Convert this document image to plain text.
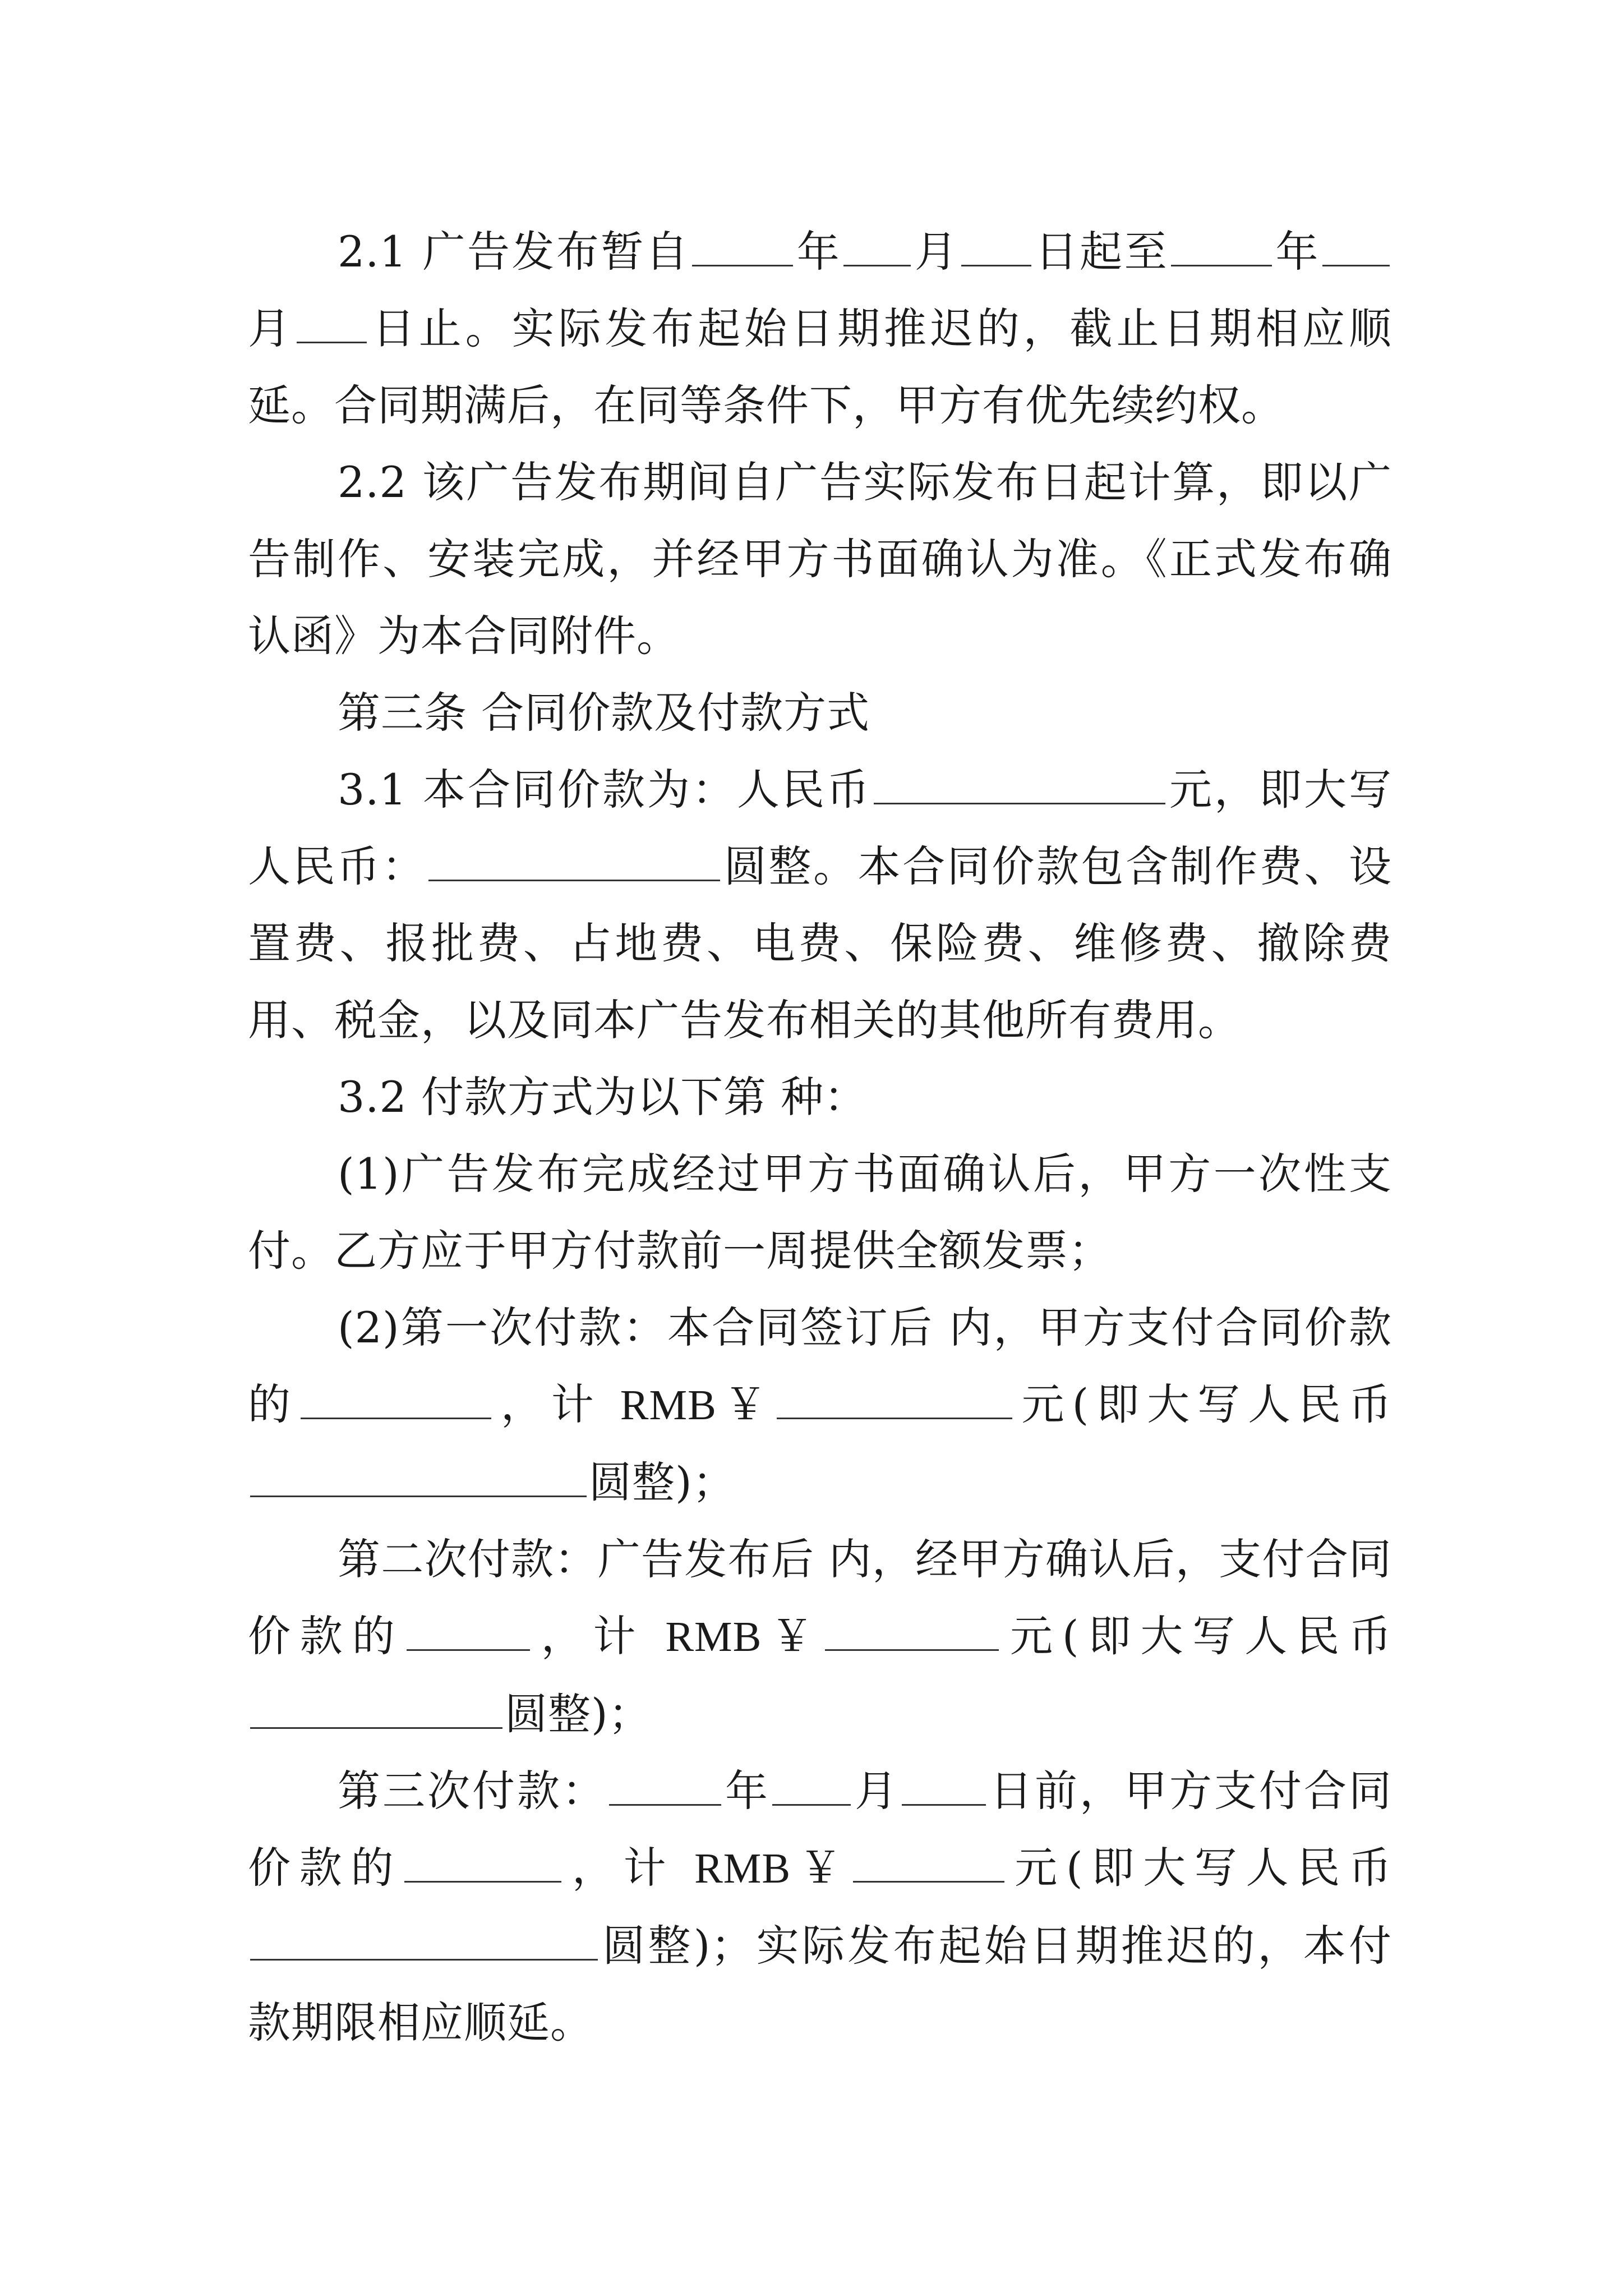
2.1 广告发布暂自 年 月 日起至 年月 日止。实际发布起始日期推迟的，截止日期相应顺延。合同期满后，在同等条件下，甲方有优先续约权。

2.2 该广告发布期间自广告实际发布日起计算，即以广告制作、安装完成，并经甲方书面确认为准。《正式发布确认函》为本合同附件。

第三条 合同价款及付款方式

3.1 本合同价款为：人民币	元，即大写人民币：	圆整。本合同价款包含制作费、设置费、报批费、占地费、电费、保险费、维修费、撤除费用、税金，以及同本广告发布相关的其他所有费用。

3.2 付款方式为以下第 种：

(1)广告发布完成经过甲方书面确认后，甲方一次性支付。乙方应于甲方付款前一周提供全额发票；

(2)第一次付款：本合同签订后 内，甲方支付合同价款的	，计 RMB￥	元(即大写人民币圆整)；

第二次付款：广告发布后 内，经甲方确认后，支付合同价款的	，计 RMB￥	元(即大写人民币圆整)；

第三次付款：	年 月 日前，甲方支付合同价款的	，计 RMB￥	元(即大写人民币圆整)；实际发布起始日期推迟的，本付款期限相应顺延。
